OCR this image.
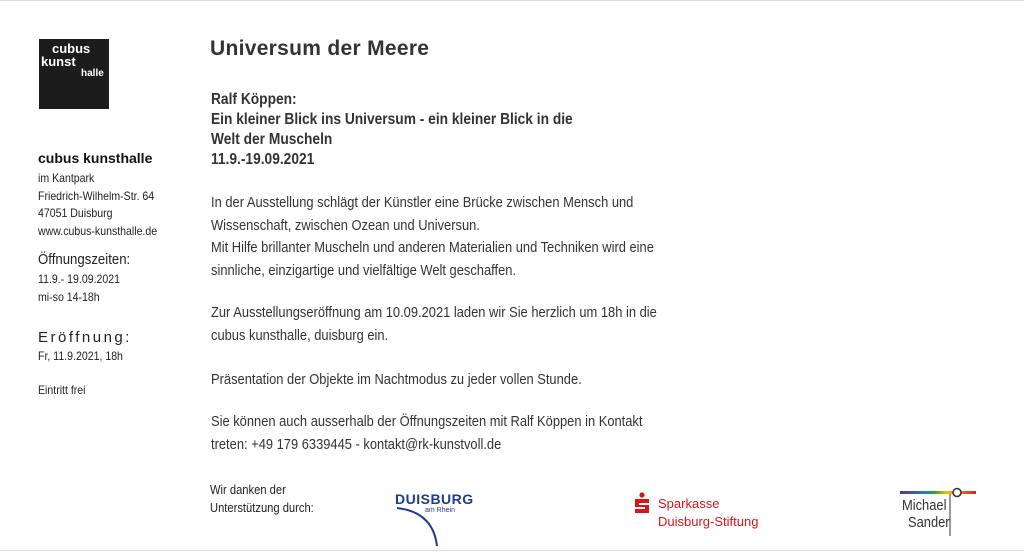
cubus
kunst
halle
cubus kunsthalle
im Kantpark
Friedrich-Wilhelm-Str. 64
47051 Duisburg
www.cubus-kunsthalle.de
Öffnungszeiten:
11.9.- 19.09.2021
mi-so 14-18h
Eröffnung:
Fr, 11.9.2021, 18h
Eintritt frei
Universum der Meere
Ralf Köppen:
Ein kleiner Blick ins Universum - ein kleiner Blick in die
Welt der Muscheln
11.9.-19.09.2021
In der Ausstellung schlägt der Künstler eine Brücke zwischen Mensch und
Wissenschaft, zwischen Ozean und Universun.
Mit Hilfe brillanter Muscheln und anderen Materialien und Techniken wird eine
sinnliche, einzigartige und vielfältige Welt geschaffen.
Zur Ausstellungseröffnung am 10.09.2021 laden wir Sie herzlich um 18h in die
cubus kunsthalle, duisburg ein.
Präsentation der Objekte im Nachtmodus zu jeder vollen Stunde.
Sie können auch ausserhalb der Öffnungszeiten mit Ralf Köppen in Kontakt
treten: +49 179 6339445 - kontakt@rk-kunstvoll.de
Wir danken der
Unterstützung durch:
DUISBURG
am Rhein	Sparkasse
Duisburg-Stiftung
Michael
Sander
